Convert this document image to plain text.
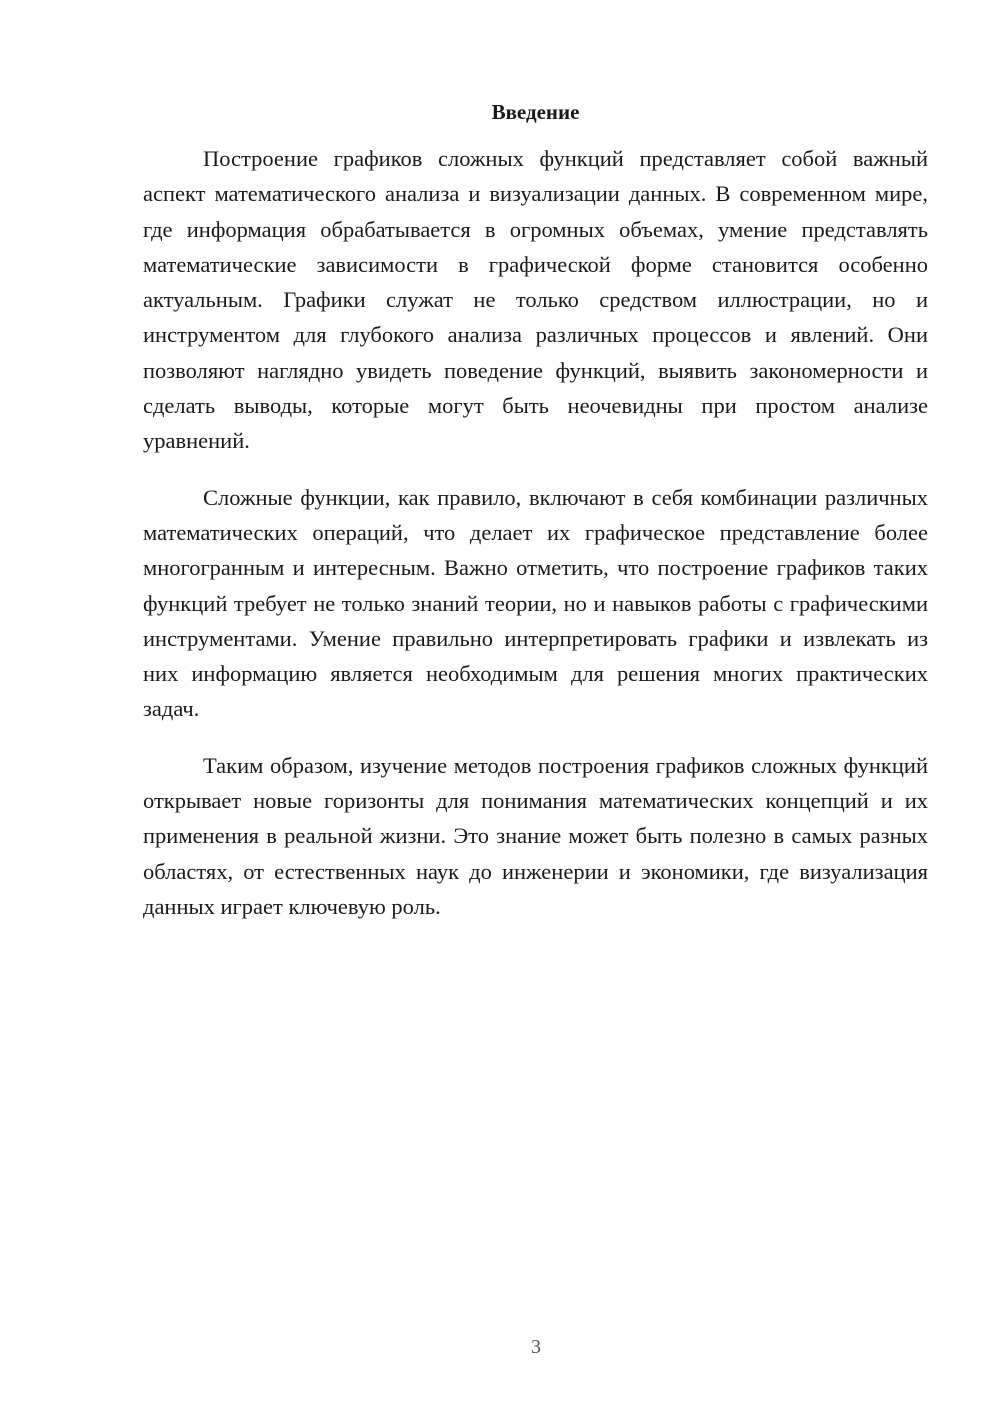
Введение

Построение графиков сложных функций представляет собой важный аспект математического анализа и визуализации данных. В современном мире, где информация обрабатывается в огромных объемах, умение представлять математические зависимости в графической форме становится особенно актуальным. Графики служат не только средством иллюстрации, но и инструментом для глубокого анализа различных процессов и явлений. Они позволяют наглядно увидеть поведение функций, выявить закономерности и сделать выводы, которые могут быть неочевидны при простом анализе уравнений.

Сложные функции, как правило, включают в себя комбинации различных математических операций, что делает их графическое представление более многогранным и интересным. Важно отметить, что построение графиков таких функций требует не только знаний теории, но и навыков работы с графическими инструментами. Умение правильно интерпретировать графики и извлекать из них информацию является необходимым для решения многих практических задач.

Таким образом, изучение методов построения графиков сложных функций открывает новые горизонты для понимания математических концепций и их применения в реальной жизни. Это знание может быть полезно в самых разных областях, от естественных наук до инженерии и экономики, где визуализация данных играет ключевую роль.

3
